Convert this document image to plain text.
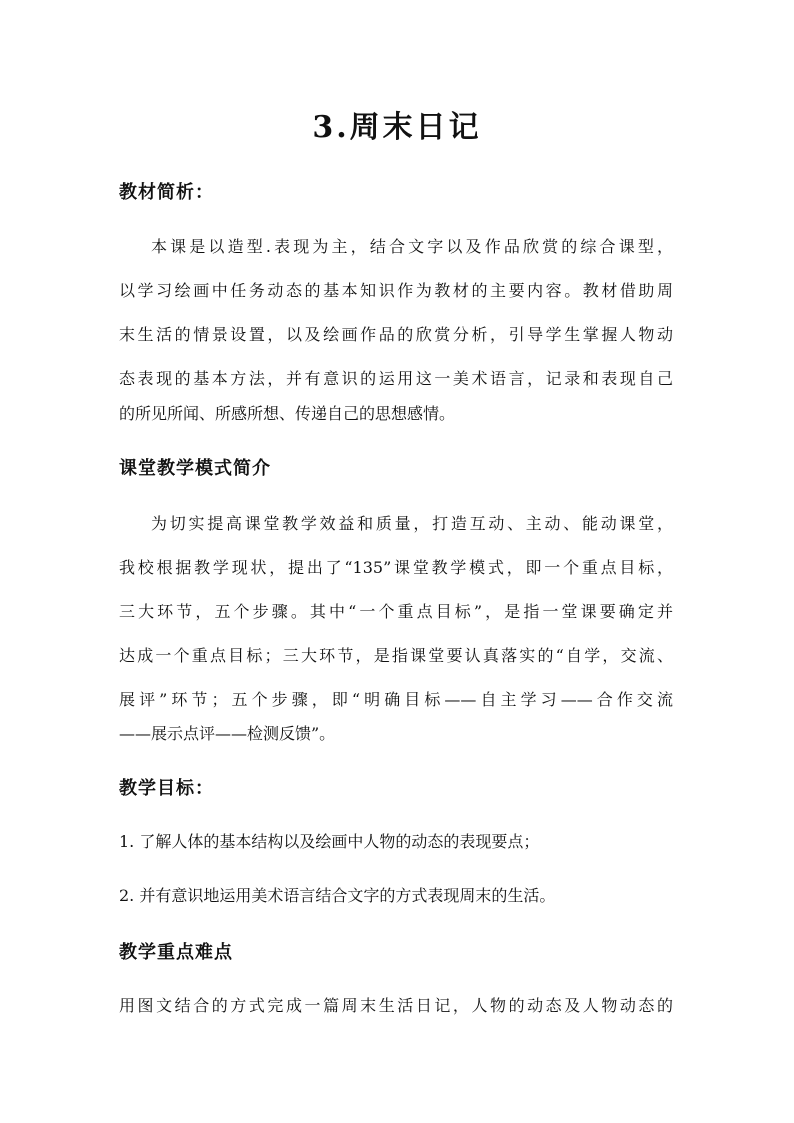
3.周末日记
教材简析：

本课是以造型.表现为主，结合文字以及作品欣赏的综合课型，

以学习绘画中任务动态的基本知识作为教材的主要内容。教材借助周

末生活的情景设置，以及绘画作品的欣赏分析，引导学生掌握人物动

态表现的基本方法，并有意识的运用这一美术语言，记录和表现自己

的所见所闻、所感所想、传递自己的思想感情。

课堂教学模式简介

为切实提高课堂教学效益和质量，打造互动、主动、能动课堂，

我校根据教学现状，提出了“135”课堂教学模式，即一个重点目标，

三大环节，五个步骤。其中“一个重点目标”，是指一堂课要确定并

达成一个重点目标；三大环节，是指课堂要认真落实的“自学，交流、

展评”环节；五个步骤，即“明确目标——自主学习——合作交流

——展示点评——检测反馈”。

教学目标：

1. 了解人体的基本结构以及绘画中人物的动态的表现要点；

2. 并有意识地运用美术语言结合文字的方式表现周末的生活。

教学重点难点

用图文结合的方式完成一篇周末生活日记，人物的动态及人物动态的
